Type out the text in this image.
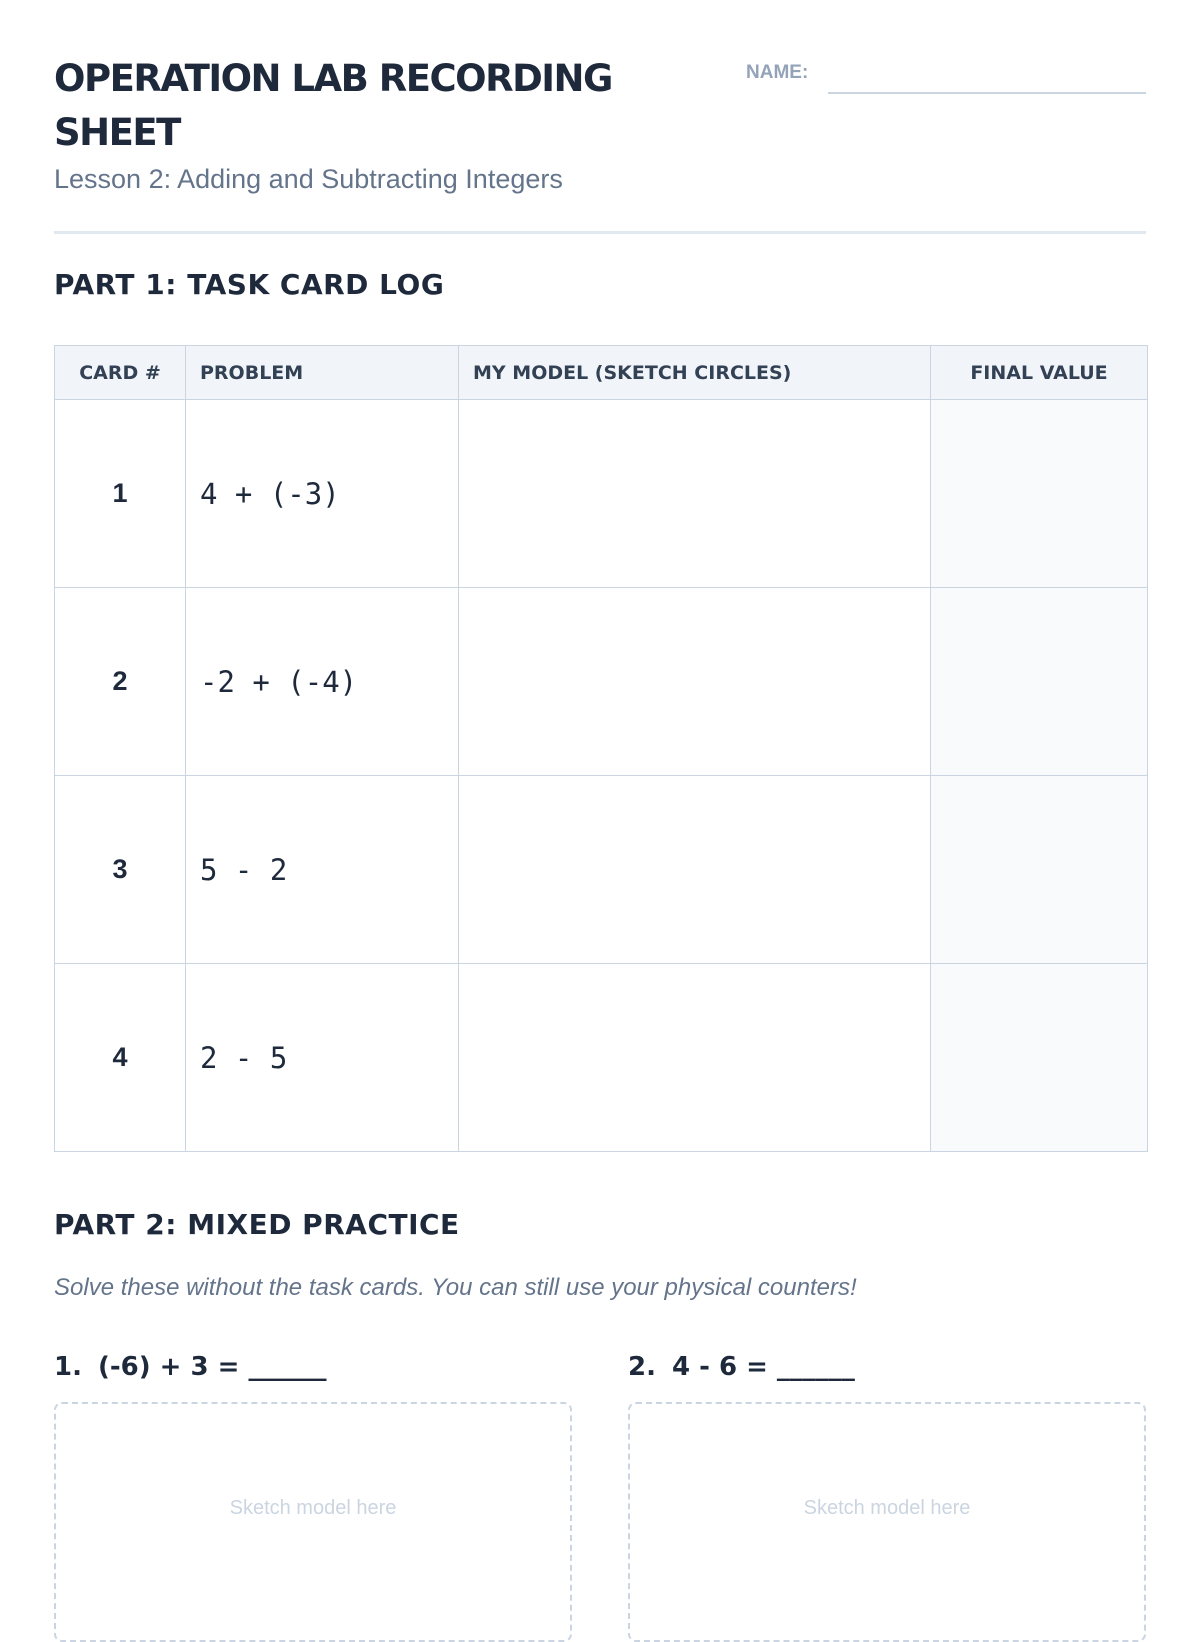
OPERATION LAB RECORDING SHEET
Lesson 2: Adding and Subtracting Integers
NAME:
PART 1: TASK CARD LOG
CARD #	PROBLEM	MY MODEL (SKETCH CIRCLES)	FINAL VALUE
1	4 + (-3)		
2	-2 + (-4)		
3	5 - 2		
4	2 - 5		
PART 2: MIXED PRACTICE
Solve these without the task cards. You can still use your physical counters!
1. (-6) + 3 = ______	2. 4 - 6 = ______
Sketch model here	Sketch model here
